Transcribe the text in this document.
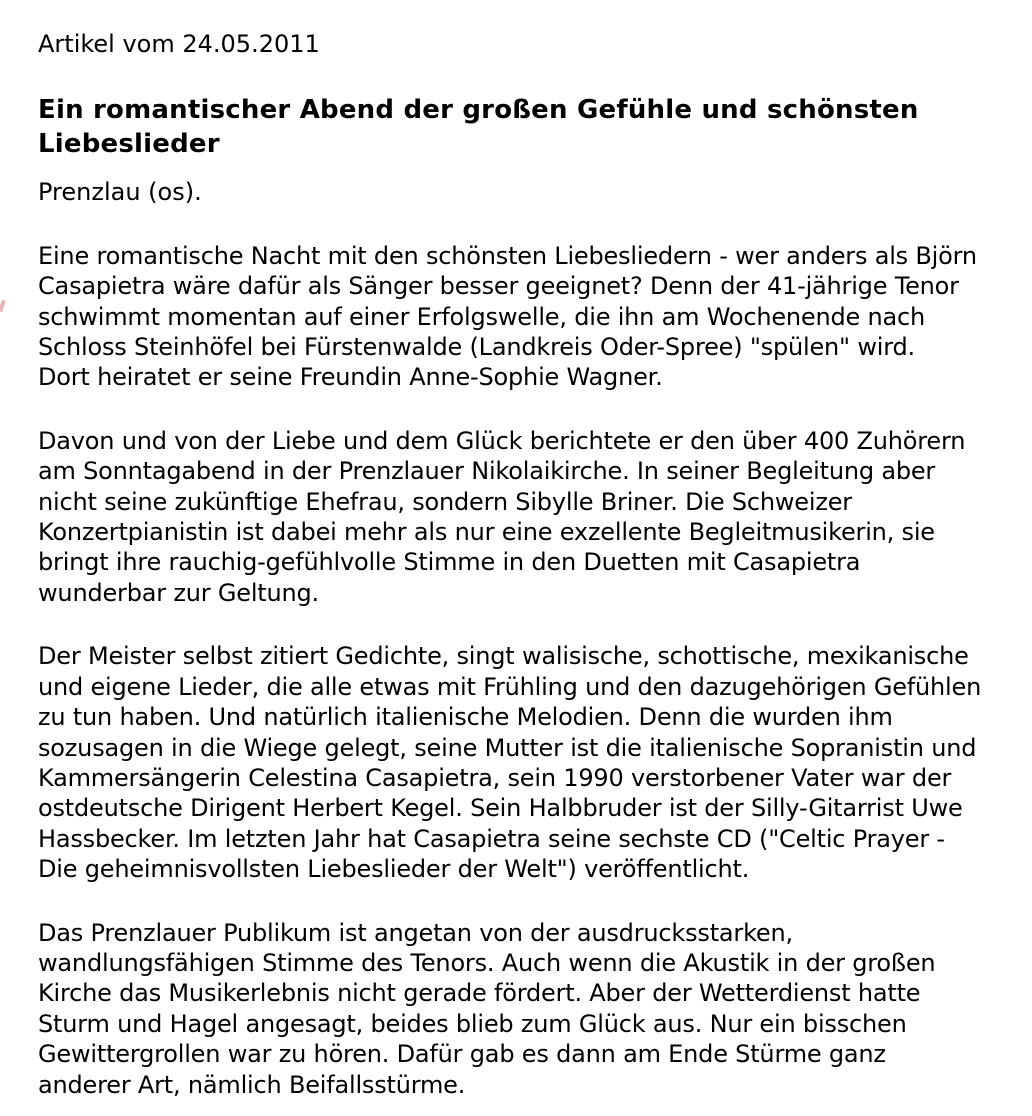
Artikel vom 24.05.2011
Ein romantischer Abend der großen Gefühle und schönsten
Liebeslieder
Prenzlau (os).

Eine romantische Nacht mit den schönsten Liebesliedern - wer anders als Björn
Casapietra wäre dafür als Sänger besser geeignet? Denn der 41-jährige Tenor
schwimmt momentan auf einer Erfolgswelle, die ihn am Wochenende nach
Schloss Steinhöfel bei Fürstenwalde (Landkreis Oder-Spree) "spülen" wird.
Dort heiratet er seine Freundin Anne-Sophie Wagner.

Davon und von der Liebe und dem Glück berichtete er den über 400 Zuhörern
am Sonntagabend in der Prenzlauer Nikolaikirche. In seiner Begleitung aber
nicht seine zukünftige Ehefrau, sondern Sibylle Briner. Die Schweizer
Konzertpianistin ist dabei mehr als nur eine exzellente Begleitmusikerin, sie
bringt ihre rauchig-gefühlvolle Stimme in den Duetten mit Casapietra
wunderbar zur Geltung.

Der Meister selbst zitiert Gedichte, singt walisische, schottische, mexikanische
und eigene Lieder, die alle etwas mit Frühling und den dazugehörigen Gefühlen
zu tun haben. Und natürlich italienische Melodien. Denn die wurden ihm
sozusagen in die Wiege gelegt, seine Mutter ist die italienische Sopranistin und
Kammersängerin Celestina Casapietra, sein 1990 verstorbener Vater war der
ostdeutsche Dirigent Herbert Kegel. Sein Halbbruder ist der Silly-Gitarrist Uwe
Hassbecker. Im letzten Jahr hat Casapietra seine sechste CD ("Celtic Prayer -
Die geheimnisvollsten Liebeslieder der Welt") veröffentlicht.

Das Prenzlauer Publikum ist angetan von der ausdrucksstarken,
wandlungsfähigen Stimme des Tenors. Auch wenn die Akustik in der großen
Kirche das Musikerlebnis nicht gerade fördert. Aber der Wetterdienst hatte
Sturm und Hagel angesagt, beides blieb zum Glück aus. Nur ein bisschen
Gewittergrollen war zu hören. Dafür gab es dann am Ende Stürme ganz
anderer Art, nämlich Beifallsstürme.
